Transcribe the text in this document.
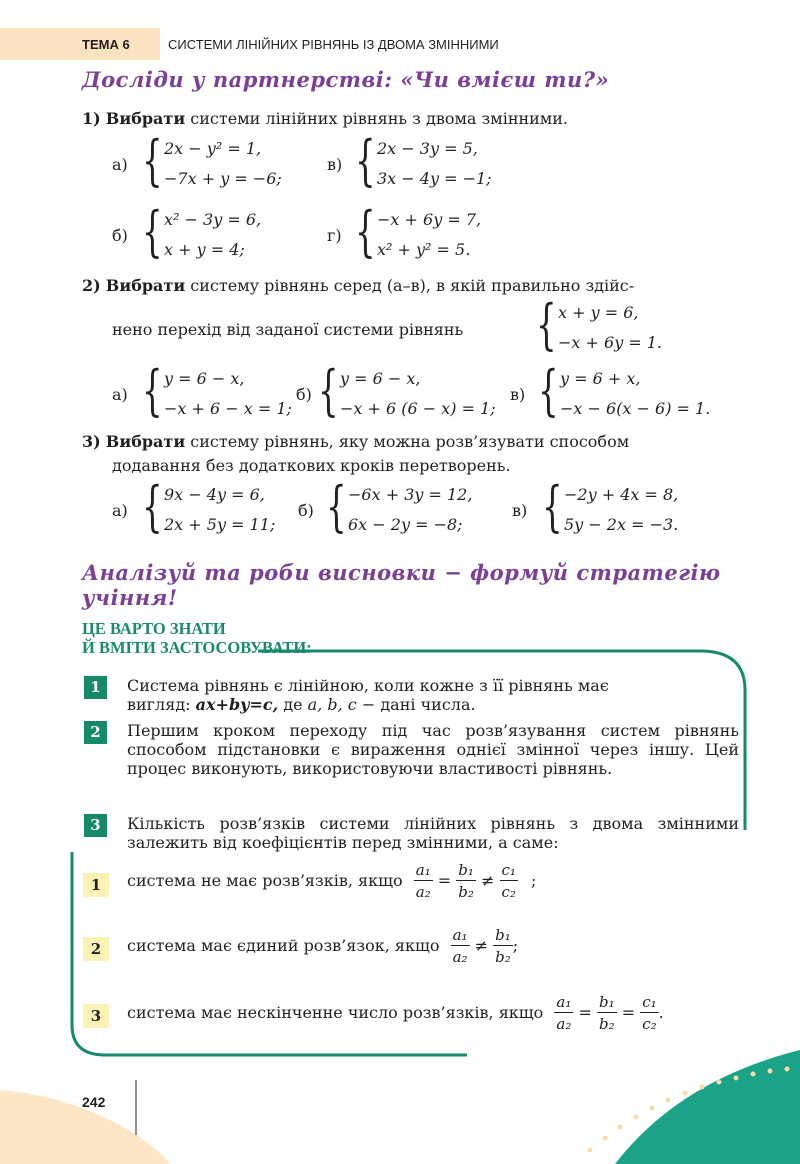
ТЕМА 6	СИСТЕМИ ЛІНІЙНИХ РІВНЯНЬ ІЗ ДВОМА ЗМІННИМИ
Досліди у партнерстві: «Чи вмієш ти?»
1) Вибрати системи лінійних рівнянь з двома змінними.
а) { 2x − y² = 1,
−7x + y = −6;
в) { 2x − 3y = 5,
3x − 4y = −1;
б) { x² − 3y = 6,
x + y = 4;
г) { −x + 6y = 7,
x² + y² = 5.
2) Вибрати систему рівнянь серед (а–в), в якій правильно здійс-
нено перехід від заданої системи рівнянь { x + y = 6,
−x + 6y = 1.
а) { y = 6 − x,
−x + 6 − x = 1;
б) { y = 6 − x,
−x + 6 (6 − x) = 1;
в) { y = 6 + x,
−x − 6(x − 6) = 1.
3) Вибрати систему рівнянь, яку можна розв’язувати способом
додавання без додаткових кроків перетворень.
а) { 9x − 4y = 6,
2x + 5y = 11;
б) { −6x + 3y = 12,
6x − 2y = −8;
в) { −2y + 4x = 8,
5y − 2x = −3.
Аналізуй та роби висновки − формуй стратегію
учіння!
ЦЕ ВАРТО ЗНАТИ
Й ВМІТИ ЗАСТОСОВУВАТИ:
1	Система рівнянь є лінійною, коли кожне з її рівнянь має
вигляд: ax+by=c, де a, b, c − дані числа.
2	Першим кроком переходу під час розв’язування систем рівнянь способом підстановки є вираження однієї змінної через іншу. Цей процес виконують, використовуючи властивості рівнянь.
3	Кількість розв’язків системи лінійних рівнянь з двома змінними залежить від коефіцієнтів перед змінними, а саме:
1	система не має розв’язків, якщо $\frac{\text{a₁}}{\text{a₂}} = \frac{\text{b₁}}{\text{b₂}} \ne \frac{\text{c₁}}{\text{c₂}}$ ;
2	система має єдиний розв’язок, якщо $\frac{\text{a₁}}{\text{a₂}} \ne \frac{\text{b₁}}{\text{b₂}}$ ;
3	система має нескінченне число розв’язків, якщо $\frac{\text{a₁}}{\text{a₂}} = \frac{\text{b₁}}{\text{b₂}} = \frac{\text{c₁}}{\text{c₂}}$ .
242
